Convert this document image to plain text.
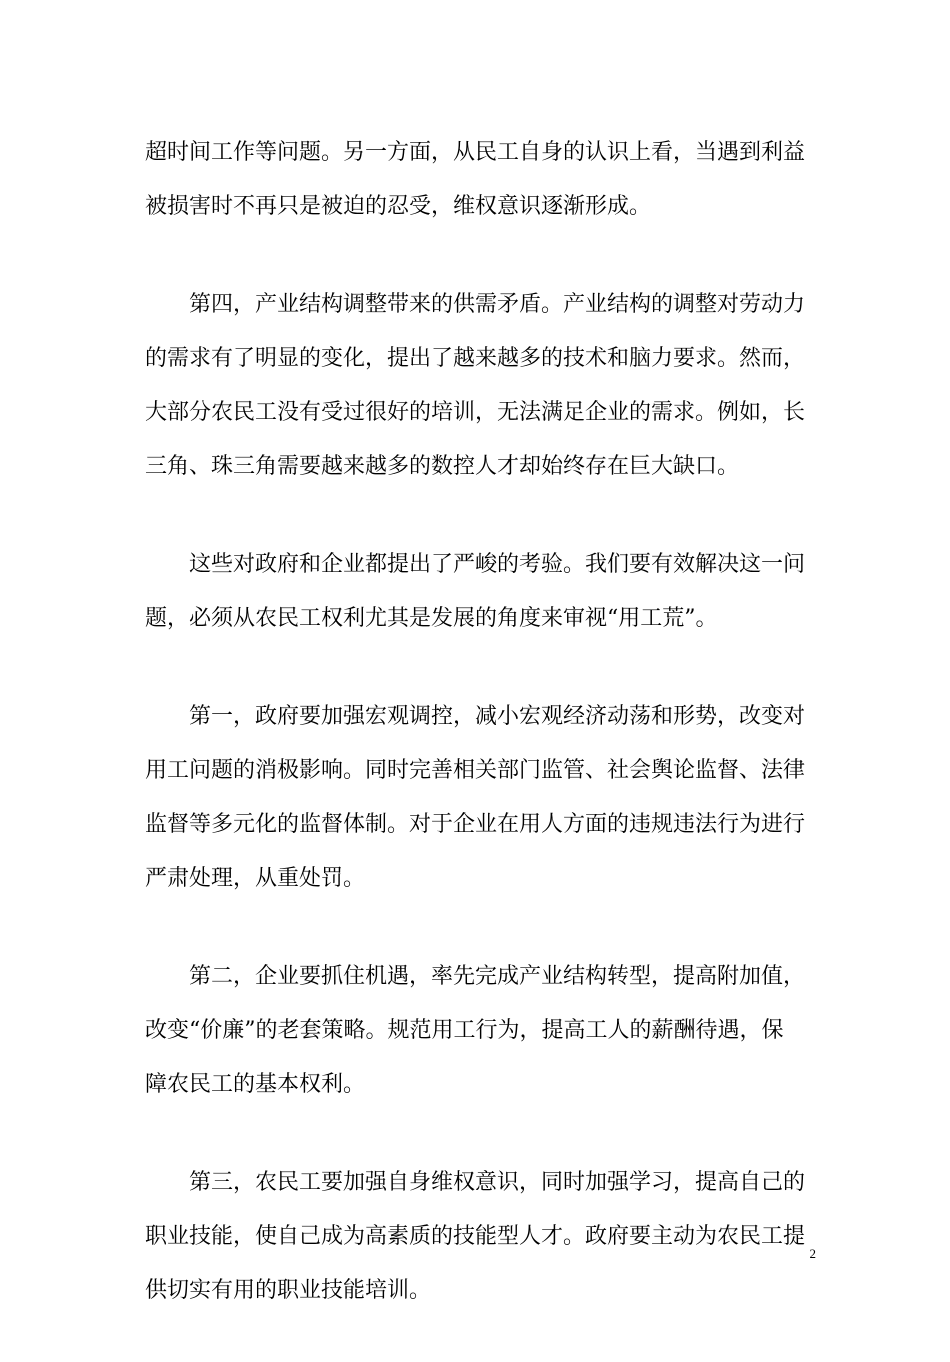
超时间工作等问题。另一方面，从民工自身的认识上看，当遇到利益
被损害时不再只是被迫的忍受，维权意识逐渐形成。

　　第四，产业结构调整带来的供需矛盾。产业结构的调整对劳动力
的需求有了明显的变化，提出了越来越多的技术和脑力要求。然而，
大部分农民工没有受过很好的培训，无法满足企业的需求。例如，长
三角、珠三角需要越来越多的数控人才却始终存在巨大缺口。

　　这些对政府和企业都提出了严峻的考验。我们要有效解决这一问
题，必须从农民工权利尤其是发展的角度来审视“用工荒”。

　　第一，政府要加强宏观调控，减小宏观经济动荡和形势，改变对
用工问题的消极影响。同时完善相关部门监管、社会舆论监督、法律
监督等多元化的监督体制。对于企业在用人方面的违规违法行为进行
严肃处理，从重处罚。

　　第二，企业要抓住机遇，率先完成产业结构转型，提高附加值，
改变“价廉”的老套策略。规范用工行为，提高工人的薪酬待遇，保
障农民工的基本权利。

　　第三，农民工要加强自身维权意识，同时加强学习，提高自己的
职业技能，使自己成为高素质的技能型人才。政府要主动为农民工提
供切实有用的职业技能培训。

2
